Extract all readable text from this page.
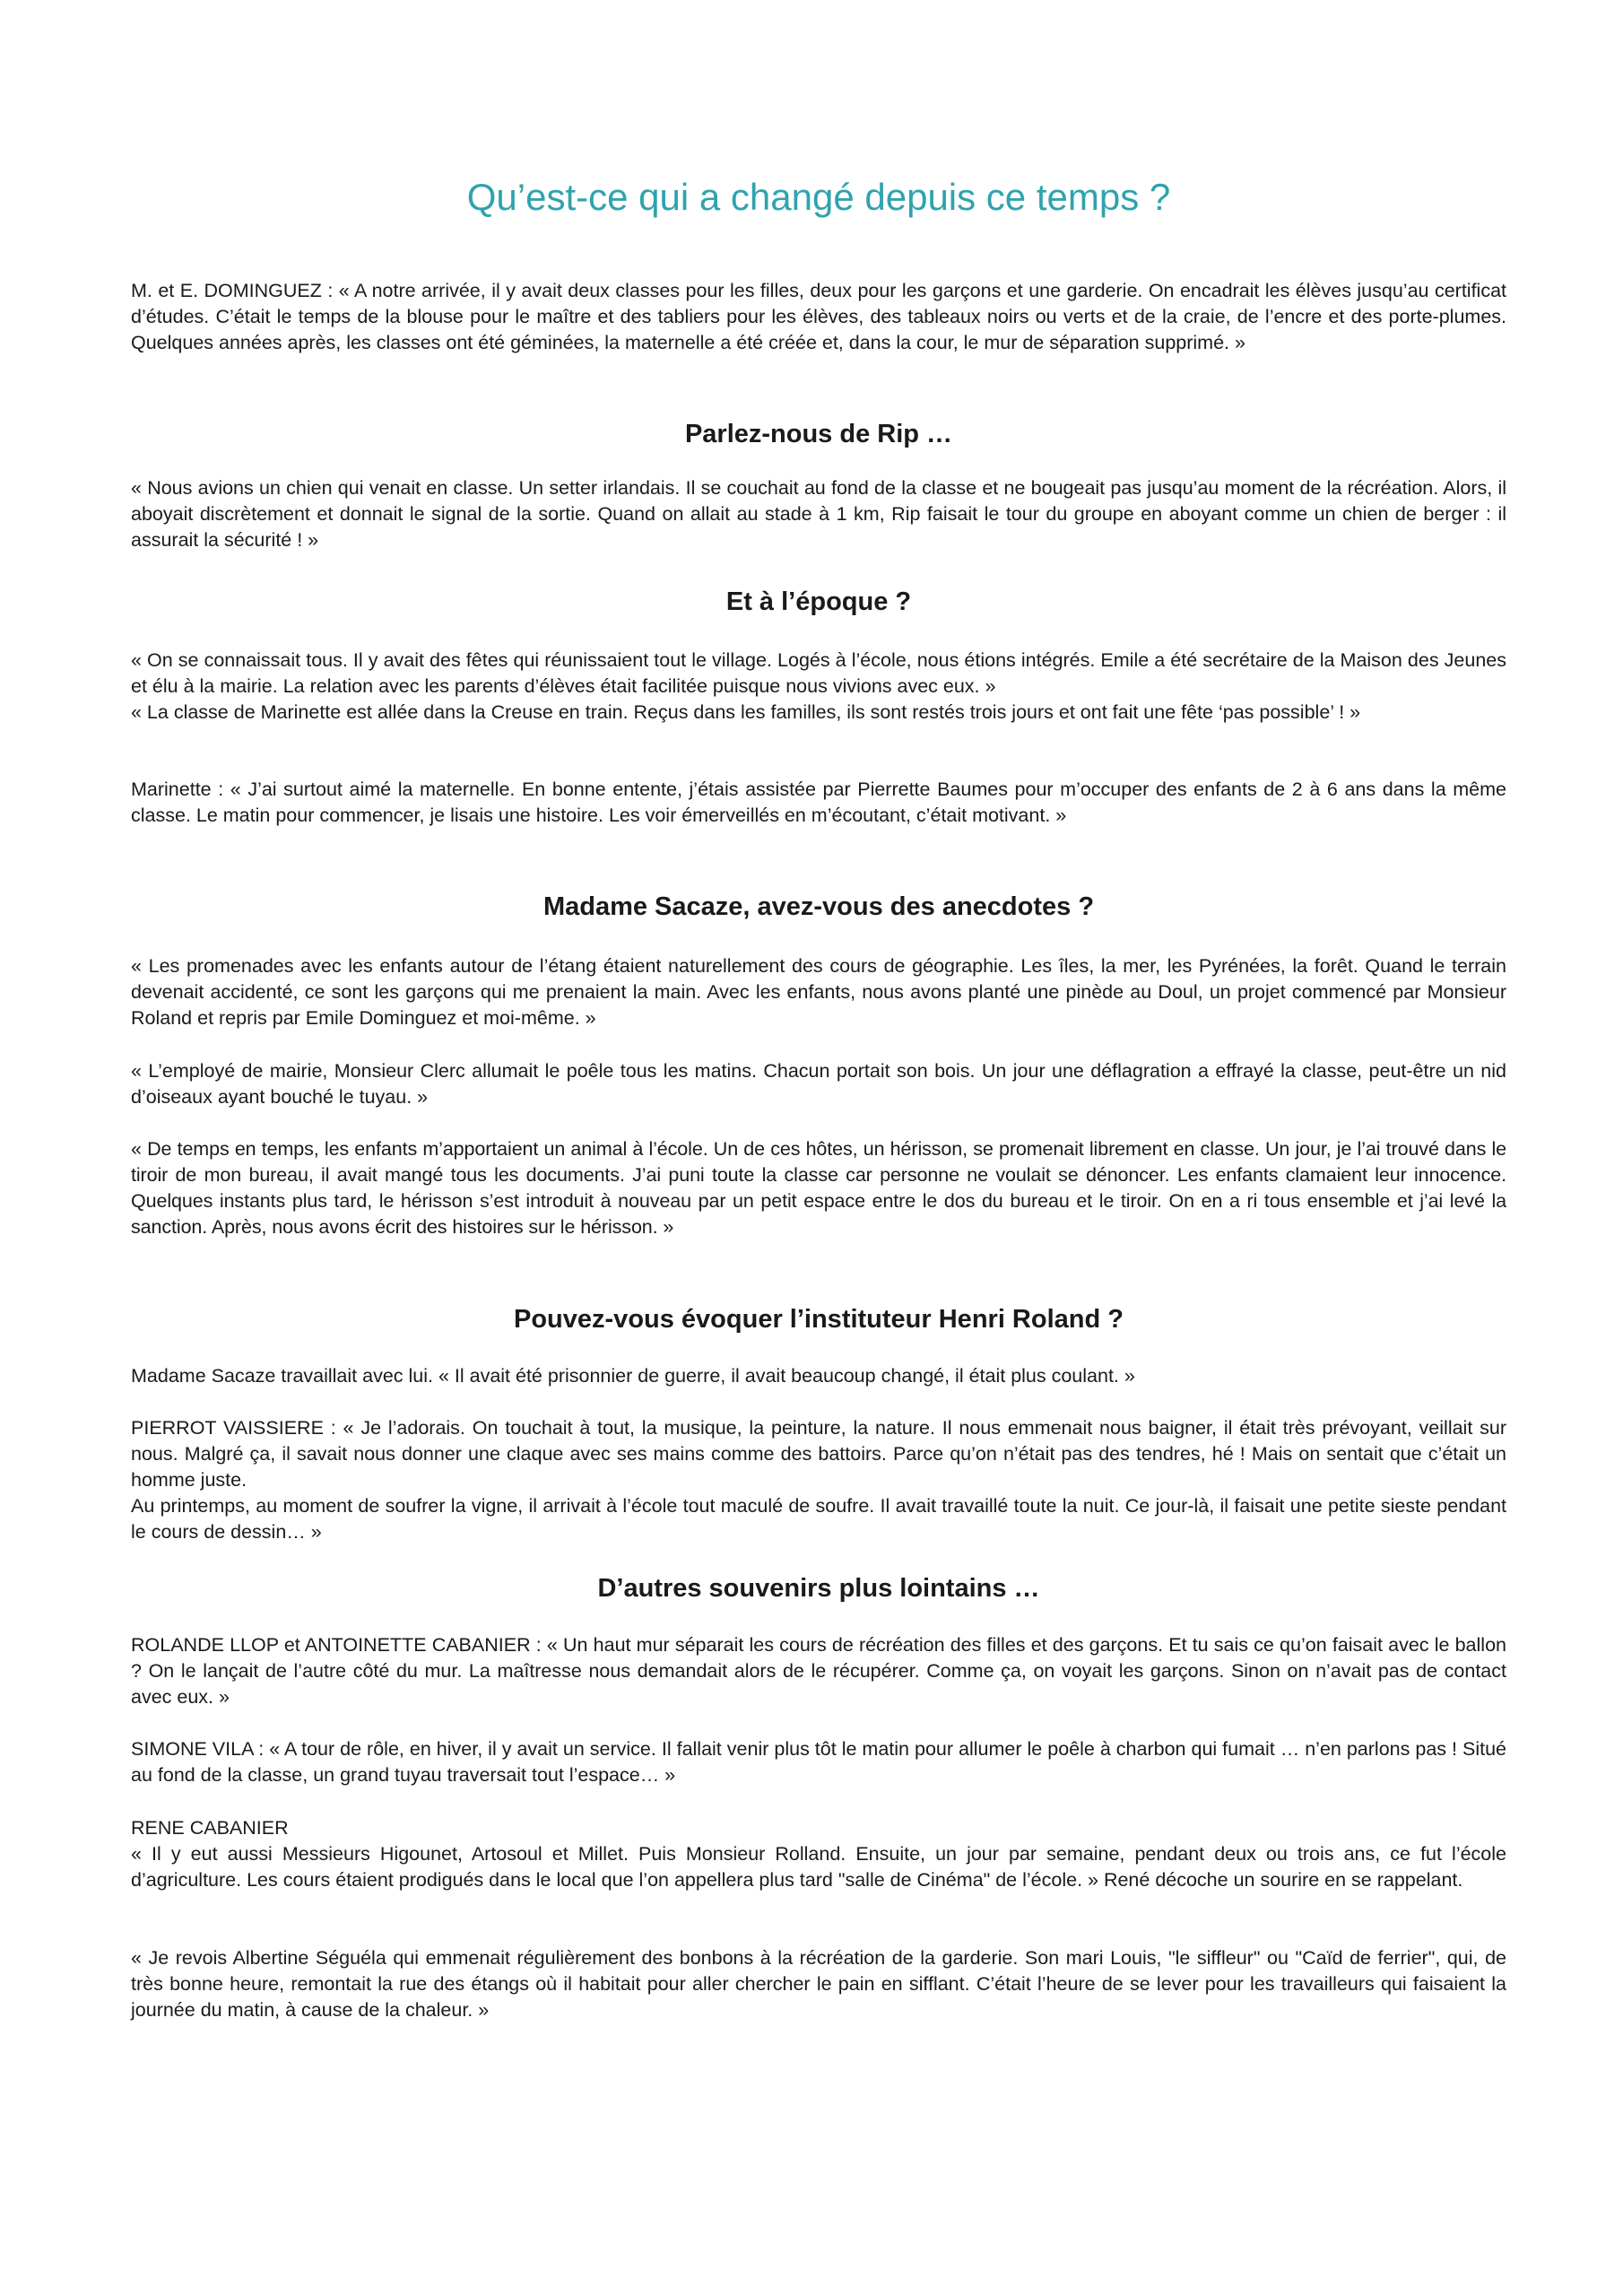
Qu’est-ce qui a changé depuis ce temps ?

M. et E. DOMINGUEZ : « A notre arrivée, il y avait deux classes pour les filles, deux pour les garçons et une garderie. On encadrait les élèves jusqu’au certificat d’études. C’était le temps de la blouse pour le maître et des tabliers pour les élèves, des tableaux noirs ou verts et de la craie, de l’encre et des porte-plumes. Quelques années après, les classes ont été géminées, la maternelle a été créée et, dans la cour, le mur de séparation supprimé. »

Parlez-nous de Rip …

« Nous avions un chien qui venait en classe. Un setter irlandais. Il se couchait au fond de la classe et ne bougeait pas jusqu’au moment de la récréation. Alors, il aboyait discrètement et donnait le signal de la sortie. Quand on allait au stade à 1 km, Rip faisait le tour du groupe en aboyant comme un chien de berger : il assurait la sécurité ! »

Et à l’époque ?

« On se connaissait tous. Il y avait des fêtes qui réunissaient tout le village. Logés à l’école, nous étions intégrés. Emile a été secrétaire de la Maison des Jeunes et élu à la mairie. La relation avec les parents d’élèves était facilitée puisque nous vivions avec eux. »

« La classe de Marinette est allée dans la Creuse en train. Reçus dans les familles, ils sont restés trois jours et ont fait une fête ‘pas possible’ ! »

Marinette : « J’ai surtout aimé la maternelle. En bonne entente, j’étais assistée par Pierrette Baumes pour m’occuper des enfants de 2 à 6 ans dans la même classe. Le matin pour commencer, je lisais une histoire. Les voir émerveillés en m’écoutant, c’était motivant. »

Madame Sacaze, avez-vous des anecdotes ?

« Les promenades avec les enfants autour de l’étang étaient naturellement des cours de géographie. Les îles, la mer, les Pyrénées, la forêt. Quand le terrain devenait accidenté, ce sont les garçons qui me prenaient la main. Avec les enfants, nous avons planté une pinède au Doul, un projet commencé par Monsieur Roland et repris par Emile Dominguez et moi-même. »

« L’employé de mairie, Monsieur Clerc allumait le poêle tous les matins. Chacun portait son bois. Un jour une déflagration a effrayé la classe, peut-être un nid d’oiseaux ayant bouché le tuyau. »

« De temps en temps, les enfants m’apportaient un animal à l’école. Un de ces hôtes, un hérisson, se promenait librement en classe. Un jour, je l’ai trouvé dans le tiroir de mon bureau, il avait mangé tous les documents. J’ai puni toute la classe car personne ne voulait se dénoncer. Les enfants clamaient leur innocence. Quelques instants plus tard, le hérisson s’est introduit à nouveau par un petit espace entre le dos du bureau et le tiroir. On en a ri tous ensemble et j’ai levé la sanction. Après, nous avons écrit des histoires sur le hérisson. »

Pouvez-vous évoquer l’instituteur Henri Roland ?

Madame Sacaze travaillait avec lui. « Il avait été prisonnier de guerre, il avait beaucoup changé, il était plus coulant. »

PIERROT VAISSIERE : « Je l’adorais. On touchait à tout, la musique, la peinture, la nature. Il nous emmenait nous baigner, il était très prévoyant, veillait sur nous. Malgré ça, il savait nous donner une claque avec ses mains comme des battoirs. Parce qu’on n’était pas des tendres, hé ! Mais on sentait que c’était un homme juste.

Au printemps, au moment de soufrer la vigne, il arrivait à l’école tout maculé de soufre. Il avait travaillé toute la nuit. Ce jour-là, il faisait une petite sieste pendant le cours de dessin… »

D’autres souvenirs plus lointains …

ROLANDE LLOP et ANTOINETTE CABANIER : « Un haut mur séparait les cours de récréation des filles et des garçons. Et tu sais ce qu’on faisait avec le ballon ? On le lançait de l’autre côté du mur. La maîtresse nous demandait alors de le récupérer. Comme ça, on voyait les garçons. Sinon on n’avait pas de contact avec eux. »

SIMONE VILA : « A tour de rôle, en hiver, il y avait un service. Il fallait venir plus tôt le matin pour allumer le poêle à charbon qui fumait … n’en parlons pas ! Situé au fond de la classe, un grand tuyau traversait tout l’espace… »

RENE CABANIER

« Il y eut aussi Messieurs Higounet, Artosoul et Millet. Puis Monsieur Rolland. Ensuite, un jour par semaine, pendant deux ou trois ans, ce fut l’école d’agriculture. Les cours étaient prodigués dans le local que l’on appellera plus tard "salle de Cinéma" de l’école. » René décoche un sourire en se rappelant.

« Je revois Albertine Séguéla qui emmenait régulièrement des bonbons à la récréation de la garderie. Son mari Louis, "le siffleur" ou "Caïd de ferrier", qui, de très bonne heure, remontait la rue des étangs où il habitait pour aller chercher le pain en sifflant. C’était l’heure de se lever pour les travailleurs qui faisaient la journée du matin, à cause de la chaleur. »
